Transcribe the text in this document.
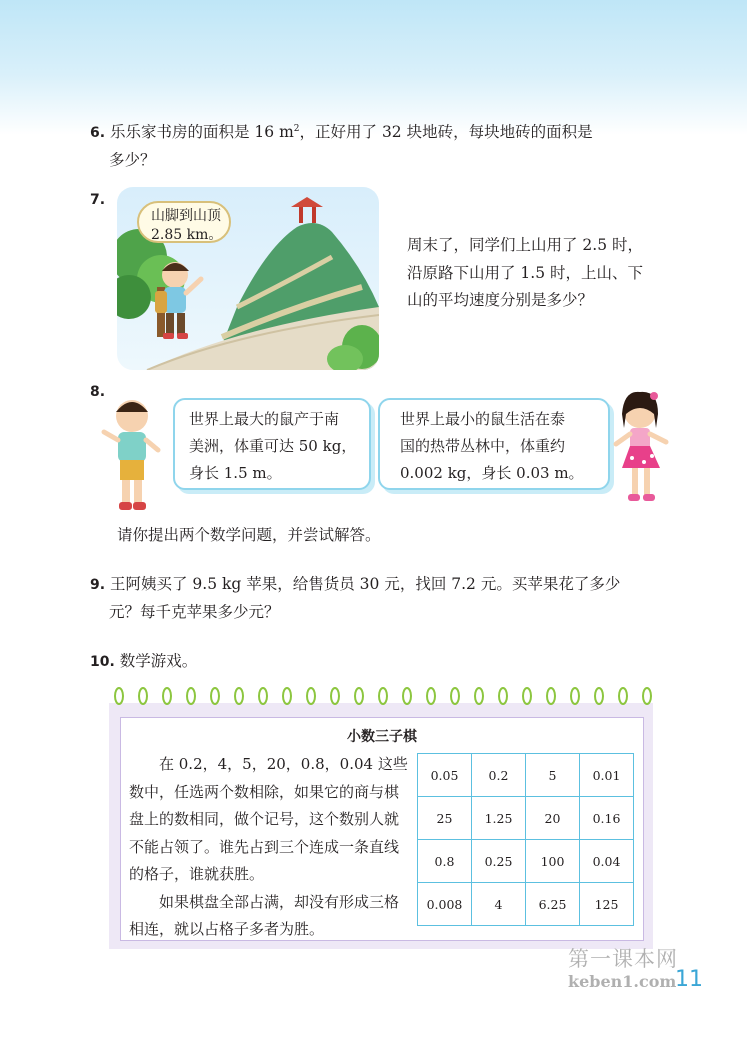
6. 乐乐家书房的面积是 16 $m^2$，正好用了 32 块地砖，每块地砖的面积是
多少？
7.
山脚到山顶
2.85 km。
周末了，同学们上山用了 2.5 时，
沿原路下山用了 1.5 时，上山、下
山的平均速度分别是多少？
8.
世界上最大的鼠产于南
美洲，体重可达 50 kg，
身长 1.5 m。
世界上最小的鼠生活在泰
国的热带丛林中，体重约
0.002 kg，身长 0.03 m。
请你提出两个数学问题，并尝试解答。
9. 王阿姨买了 9.5 kg 苹果，给售货员 30 元，找回 7.2 元。买苹果花了多少
元？每千克苹果多少元？
10. 数学游戏。
小数三子棋

在 0.2，4，5，20，0.8，0.04 这些数中，任选两个数相除，如果它的商与棋盘上的数相同，做个记号，这个数别人就不能占领了。谁先占到三个连成一条直线的格子，谁就获胜。

如果棋盘全部占满，却没有形成三格相连，就以占格子多者为胜。

0.05	0.2	5	0.01
25	1.25	20	0.16
0.8	0.25	100	0.04
0.008	4	6.25	125
第一课本网
keben1.com
11
